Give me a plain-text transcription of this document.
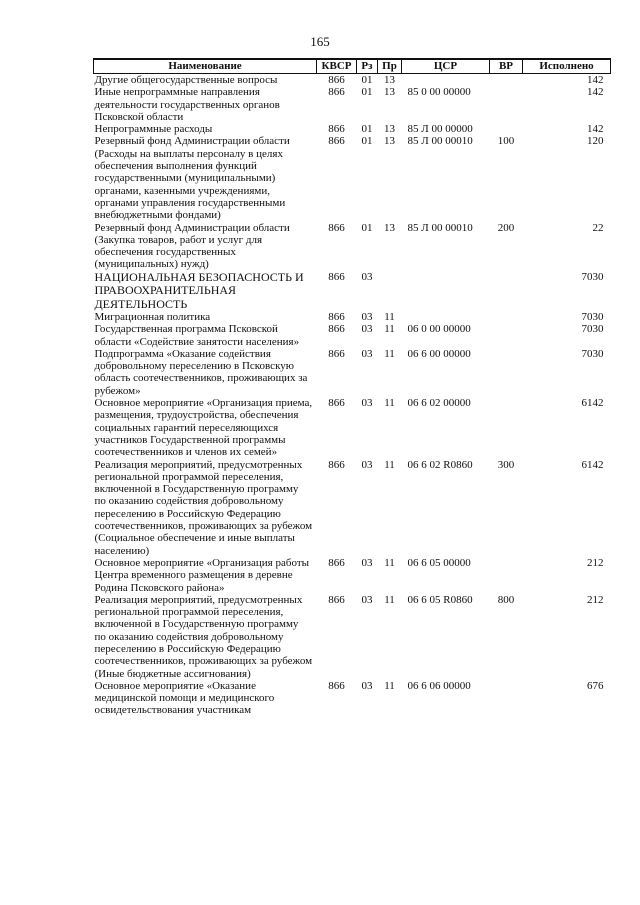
165
Наименование	КВСР	Рз	Пр	ЦСР	ВР	Исполнено
Другие общегосударственные вопросы	866	01	13			142
Иные непрограммные направления деятельности государственных органов Псковской области	866	01	13	85 0 00 00000		142
Непрограммные расходы	866	01	13	85 Л 00 00000		142
Резервный фонд Администрации области (Расходы на выплаты персоналу в целях обеспечения выполнения функций государственными (муниципальными) органами, казенными учреждениями, органами управления государственными внебюджетными фондами)	866	01	13	85 Л 00 00010	100	120
Резервный фонд Администрации области (Закупка товаров, работ и услуг для обеспечения государственных (муниципальных) нужд)	866	01	13	85 Л 00 00010	200	22
НАЦИОНАЛЬНАЯ БЕЗОПАСНОСТЬ И ПРАВООХРАНИТЕЛЬНАЯ ДЕЯТЕЛЬНОСТЬ	866	03				7030
Миграционная политика	866	03	11			7030
Государственная программа Псковской области «Содействие занятости населения»	866	03	11	06 0 00 00000		7030
Подпрограмма «Оказание содействия добровольному переселению в Псковскую область соотечественников, проживающих за рубежом»	866	03	11	06 6 00 00000		7030
Основное мероприятие «Организация приема, размещения, трудоустройства, обеспечения социальных гарантий переселяющихся участников Государственной программы соотечественников и членов их семей»	866	03	11	06 6 02 00000		6142
Реализация мероприятий, предусмотренных региональной программой переселения, включенной в Государственную программу по оказанию содействия добровольному переселению в Российскую Федерацию соотечественников, проживающих за рубежом (Социальное обеспечение и иные выплаты населению)	866	03	11	06 6 02 R0860	300	6142
Основное мероприятие «Организация работы Центра временного размещения в деревне Родина Псковского района»	866	03	11	06 6 05 00000		212
Реализация мероприятий, предусмотренных региональной программой переселения, включенной в Государственную программу по оказанию содействия добровольному переселению в Российскую Федерацию соотечественников, проживающих за рубежом (Иные бюджетные ассигнования)	866	03	11	06 6 05 R0860	800	212
Основное мероприятие «Оказание медицинской помощи и медицинского освидетельствования участникам	866	03	11	06 6 06 00000		676
